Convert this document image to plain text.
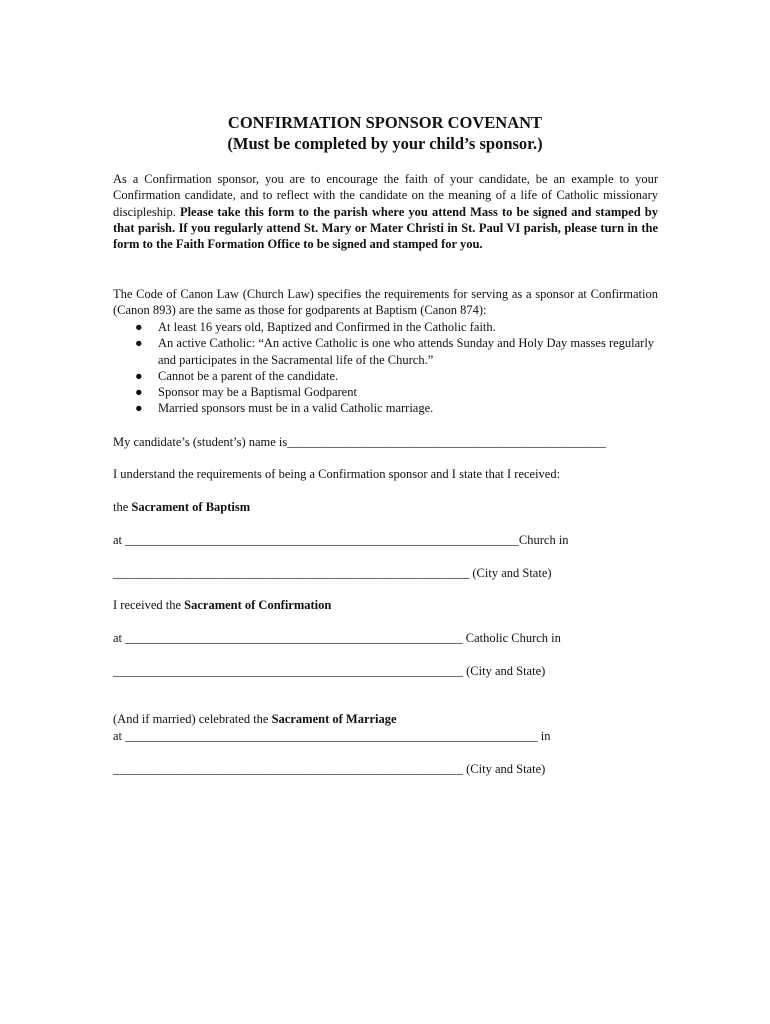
CONFIRMATION SPONSOR COVENANT
(Must be completed by your child’s sponsor.)
As a Confirmation sponsor, you are to encourage the faith of your candidate, be an example to your Confirmation candidate, and to reflect with the candidate on the meaning of a life of Catholic missionary discipleship. Please take this form to the parish where you attend Mass to be signed and stamped by that parish. If you regularly attend St. Mary or Mater Christi in St. Paul VI parish, please turn in the form to the Faith Formation Office to be signed and stamped for you.
The Code of Canon Law (Church Law) specifies the requirements for serving as a sponsor at Confirmation (Canon 893) are the same as those for godparents at Baptism (Canon 874):
● At least 16 years old, Baptized and Confirmed in the Catholic faith.
● An active Catholic: “An active Catholic is one who attends Sunday and Holy Day masses regularly and participates in the Sacramental life of the Church.”
● Cannot be a parent of the candidate.
● Sponsor may be a Baptismal Godparent
● Married sponsors must be in a valid Catholic marriage.
My candidate’s (student’s) name is___________________________________________________
I understand the requirements of being a Confirmation sponsor and I state that I received:
the Sacrament of Baptism
at _______________________________________________________________Church in
_________________________________________________________ (City and State)
I received the Sacrament of Confirmation
at ______________________________________________________ Catholic Church in
________________________________________________________ (City and State)
(And if married) celebrated the Sacrament of Marriage
at __________________________________________________________________ in
________________________________________________________ (City and State)
